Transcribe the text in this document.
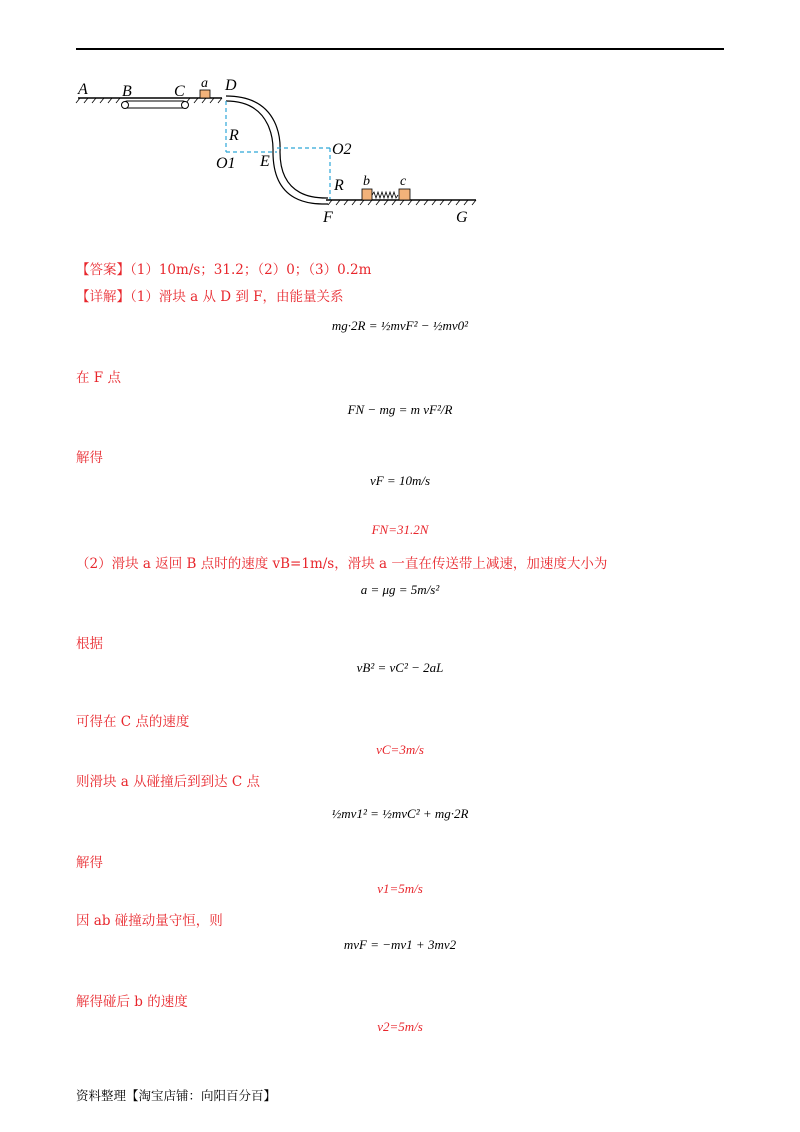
A B	C a D
R
O1 E
O2
R b c
F	G
【答案】（1）10m/s；31.2；（2）0；（3）0.2m
【详解】（1）滑块 a 从 D 到 F，由能量关系
mg·2R = ½mvF² − ½mv0²
在 F 点
FN − mg = m vF²/R
解得
vF = 10m/s
FN=31.2N
（2）滑块 a 返回 B 点时的速度 vB=1m/s，滑块 a 一直在传送带上减速，加速度大小为
a = μg = 5m/s²
根据
vB² = vC² − 2aL
可得在 C 点的速度
vC=3m/s
则滑块 a 从碰撞后到到达 C 点
½mv1² = ½mvC² + mg·2R
解得
v1=5m/s
因 ab 碰撞动量守恒，则
mvF = −mv1 + 3mv2
解得碰后 b 的速度
v2=5m/s
资料整理【淘宝店铺：向阳百分百】
